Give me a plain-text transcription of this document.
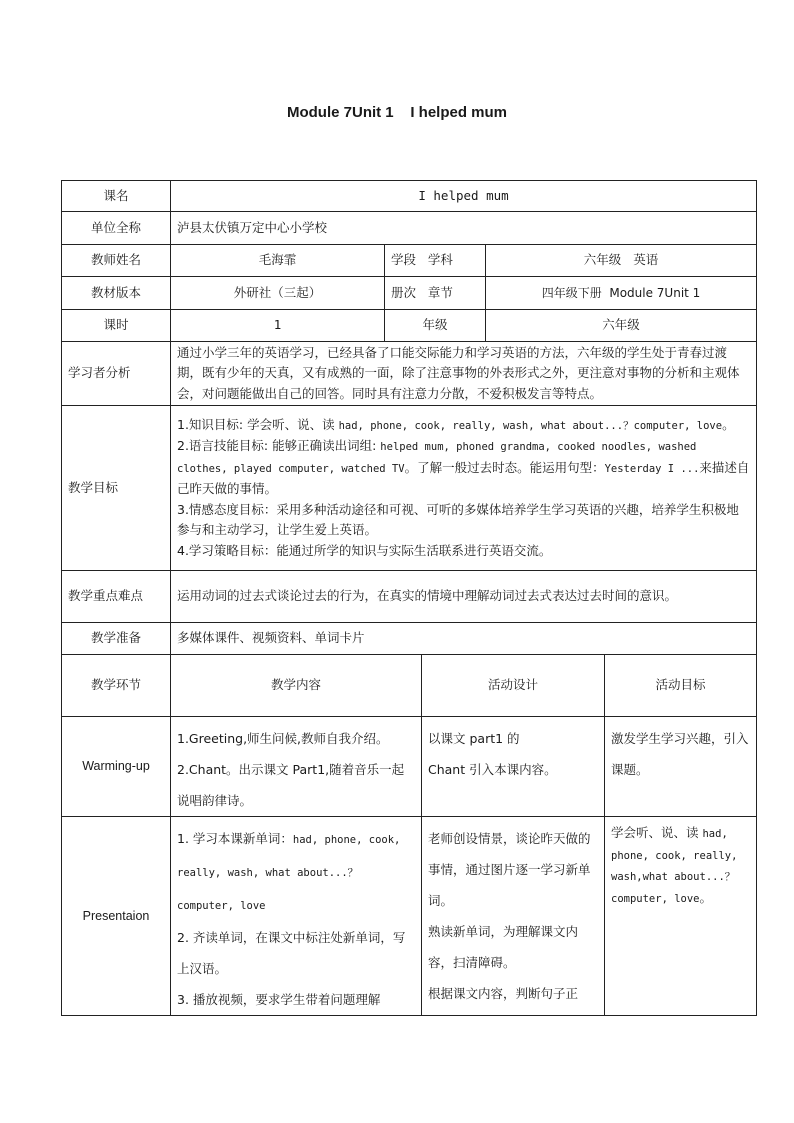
Module 7Unit 1    I helped mum
课名	I helped mum				
单位全称	泸县太伏镇万定中心小学校				
教师姓名	毛海霏	学段   学科		六年级   英语	
教材版本	外研社（三起）	册次   章节		四年级下册  Module 7Unit 1	
课时	1	年级		六年级	
学习者分析	通过小学三年的英语学习，已经具备了口能交际能力和学习英语的方法，六年级的学生处于青春过渡期，既有少年的天真，又有成熟的一面，除了注意事物的外表形式之外，更注意对事物的分析和主观体会，对问题能做出自己的回答。同时具有注意力分散，不爱积极发言等特点。				
教学目标	1.知识目标: 学会听、说、读 had, phone, cook, really, wash, what about...？computer, love。
2.语言技能目标: 能够正确读出词组: helped mum, phoned grandma, cooked noodles, washed clothes, played computer, watched TV。了解一般过去时态。能运用句型：Yesterday I ...来描述自己昨天做的事情。
3.情感态度目标：采用多种活动途径和可视、可听的多媒体培养学生学习英语的兴趣，培养学生积极地参与和主动学习，让学生爱上英语。
4.学习策略目标：能通过所学的知识与实际生活联系进行英语交流。				

教学重点难点	运用动词的过去式谈论过去的行为，在真实的情境中理解动词过去式表达过去时间的意识。				
教学准备	多媒体课件、视频资料、单词卡片				
教学环节	教学内容		活动设计		活动目标
Warming-up	1.Greeting,师生问候,教师自我介绍。
2.Chant。出示课文 Part1,随着音乐一起说唱韵律诗。		以课文 part1 的
Chant 引入本课内容。		激发学生学习兴趣，引入课题。
Presentaion	1. 学习本课新单词：had, phone, cook, really, wash, what about...？ computer, love
2. 齐读单词，在课文中标注处新单词，写上汉语。
3. 播放视频，要求学生带着问题理解		老师创设情景，谈论昨天做的事情，通过图片逐一学习新单词。
熟读新单词，为理解课文内容，扫清障碍。
根据课文内容，判断句子正		学会听、说、读 had, phone, cook, really, wash,what about...？ computer, love。
